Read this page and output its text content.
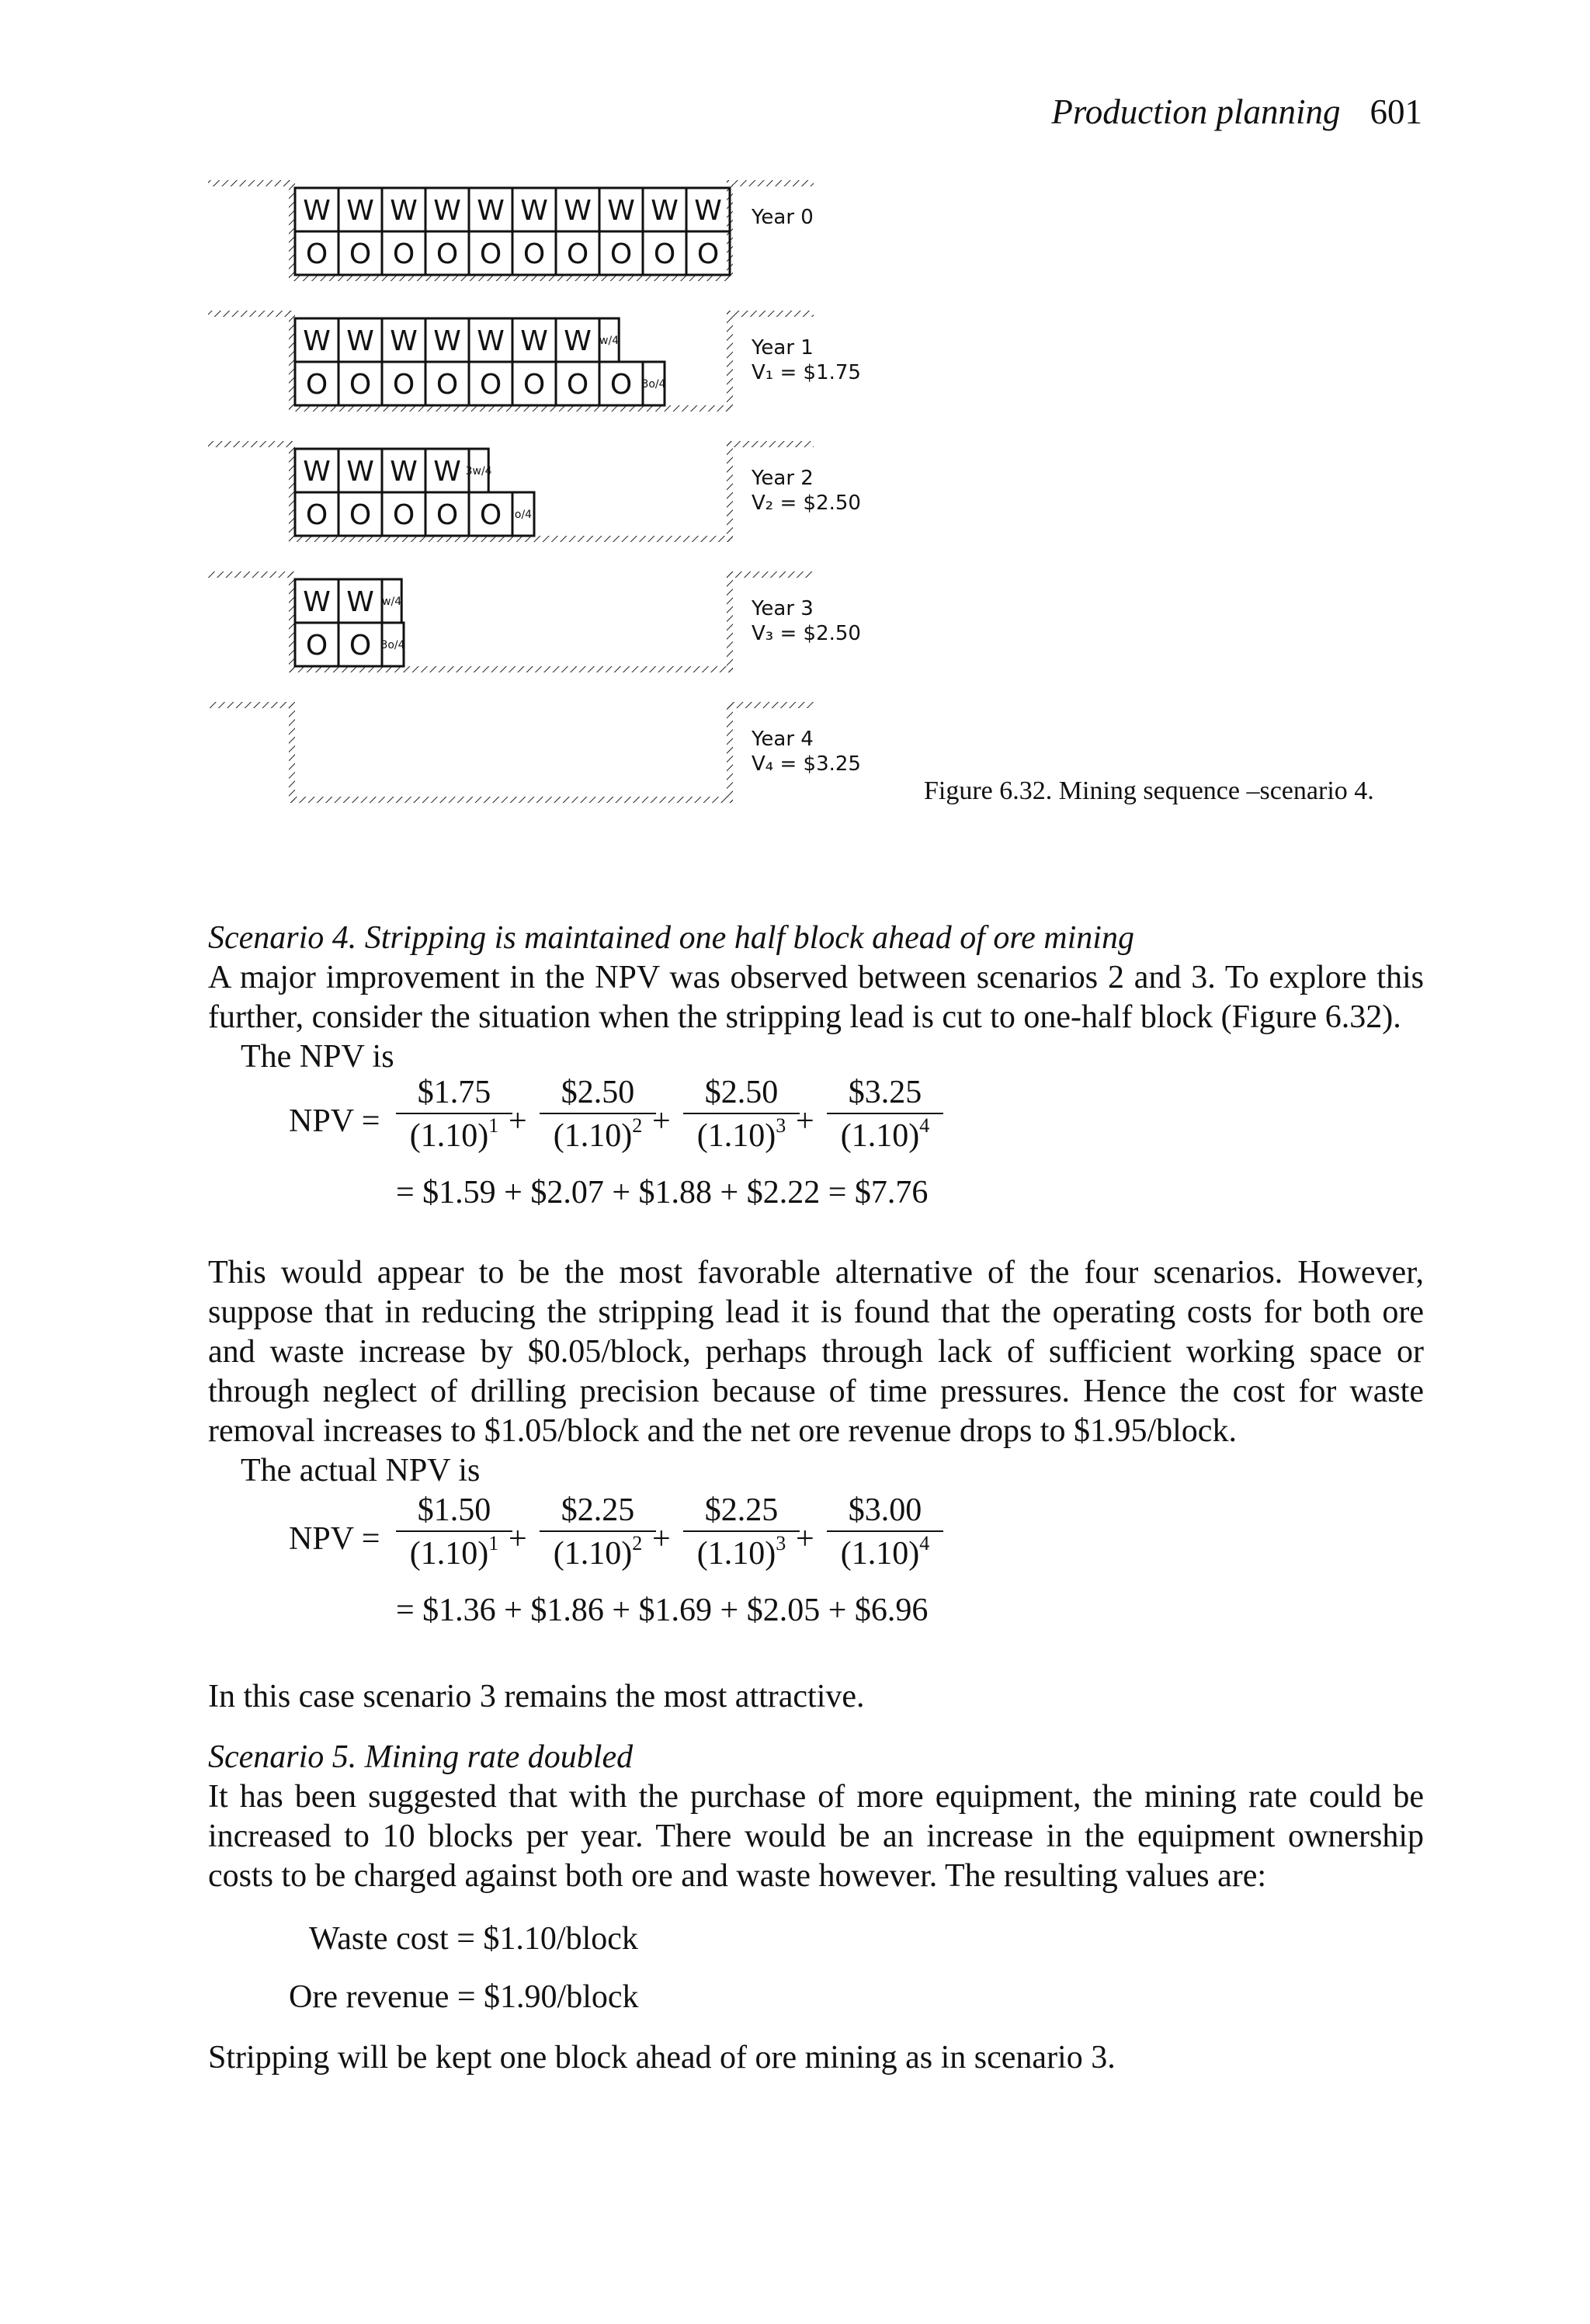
Production planning 601
W W W W W W W W W W
O O O O O O O O O O
W W W W W W W
O O O O O O O O
w/4
3o/4
W W W W
O O O O O
3w/4
o/4
W W
O O
w/4
3o/4
Year 0
Year 1
V₁ = $1.75
Year 2
V₂ = $2.50
Year 3
V₃ = $2.50
Year 4
V₄ = $3.25
Figure 6.32. Mining sequence –scenario 4.
Scenario 4. Stripping is maintained one half block ahead of ore mining
A major improvement in the NPV was observed between scenarios 2 and 3. To explore this further, consider the situation when the stripping lead is cut to one-half block (Figure 6.32).
The NPV is
NPV = $\frac{\$1.75}{(1.10)^1}$
+ $\frac{\$2.50}{(1.10)^2}$
+ $\frac{\$2.50}{(1.10)^3}$
+ $\frac{\$3.25}{(1.10)^4}$
= $1.59 + $2.07 + $1.88 + $2.22 = $7.76
This would appear to be the most favorable alternative of the four scenarios. However, suppose that in reducing the stripping lead it is found that the operating costs for both ore and waste increase by $0.05/block, perhaps through lack of sufficient working space or through neglect of drilling precision because of time pressures. Hence the cost for waste removal increases to $1.05/block and the net ore revenue drops to $1.95/block.
The actual NPV is
NPV = $\frac{\$1.50}{(1.10)^1}$
+ $\frac{\$2.25}{(1.10)^2}$
+ $\frac{\$2.25}{(1.10)^3}$
+ $\frac{\$3.00}{(1.10)^4}$
= $1.36 + $1.86 + $1.69 + $2.05 + $6.96
In this case scenario 3 remains the most attractive.
Scenario 5. Mining rate doubled
It has been suggested that with the purchase of more equipment, the mining rate could be increased to 10 blocks per year. There would be an increase in the equipment ownership costs to be charged against both ore and waste however. The resulting values are:
Waste cost = $1.10/block
Ore revenue = $1.90/block
Stripping will be kept one block ahead of ore mining as in scenario 3.
